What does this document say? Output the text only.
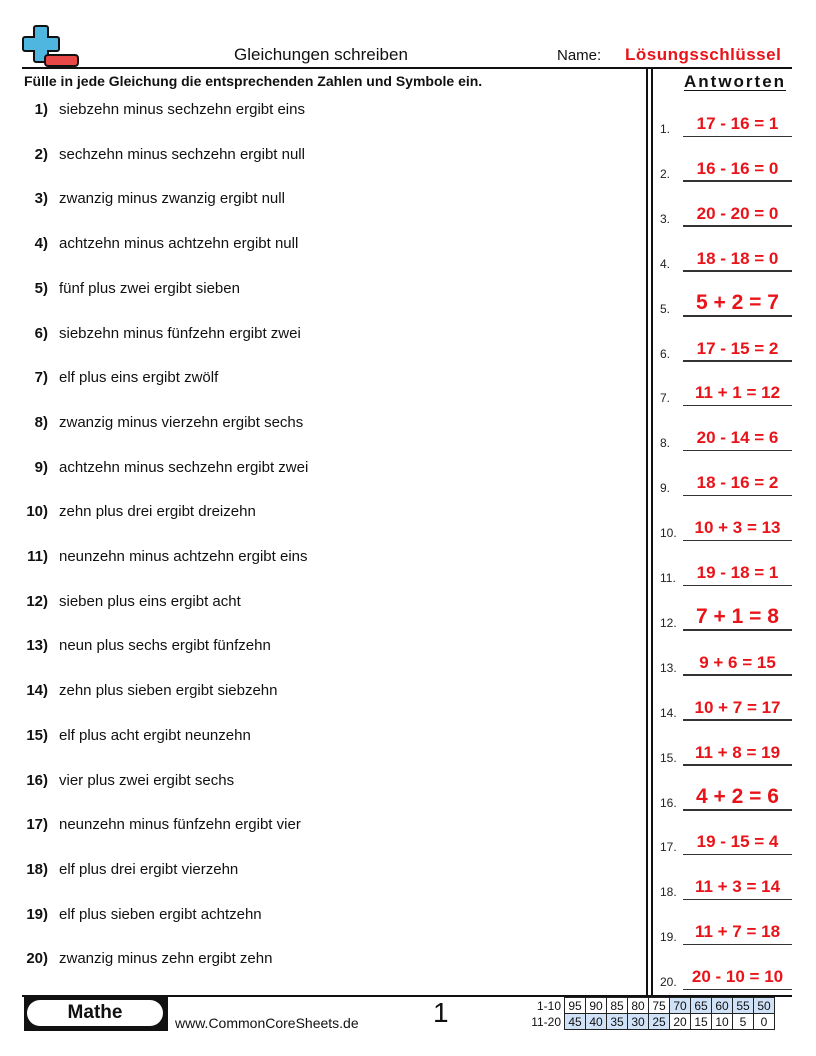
Gleichungen schreiben	Name: Lösungsschlüssel
Fülle in jede Gleichung die entsprechenden Zahlen und Symbole ein.	Antworten
1) siebzehn minus sechzehn ergibt eins
2) sechzehn minus sechzehn ergibt null
3) zwanzig minus zwanzig ergibt null
4) achtzehn minus achtzehn ergibt null
5) fünf plus zwei ergibt sieben
6) siebzehn minus fünfzehn ergibt zwei
7) elf plus eins ergibt zwölf
8) zwanzig minus vierzehn ergibt sechs
9) achtzehn minus sechzehn ergibt zwei
10) zehn plus drei ergibt dreizehn
11) neunzehn minus achtzehn ergibt eins
12) sieben plus eins ergibt acht
13) neun plus sechs ergibt fünfzehn
14) zehn plus sieben ergibt siebzehn
15) elf plus acht ergibt neunzehn
16) vier plus zwei ergibt sechs
17) neunzehn minus fünfzehn ergibt vier
18) elf plus drei ergibt vierzehn
19) elf plus sieben ergibt achtzehn
20) zwanzig minus zehn ergibt zehn
1.	17 - 16 = 1
2.	16 - 16 = 0
3.	20 - 20 = 0
4.	18 - 18 = 0
5.	5 + 2 = 7
6.	17 - 15 = 2
7.	11 + 1 = 12
8.	20 - 14 = 6
9.	18 - 16 = 2
10.	10 + 3 = 13
11.	19 - 18 = 1
12. 7 + 1 = 8
13.	9 + 6 = 15
14.	10 + 7 = 17
15.	11 + 8 = 19
16. 4 + 2 = 6
17.	19 - 15 = 4
18.	11 + 3 = 14
19.	11 + 7 = 18
20. 20 - 10 = 10
Mathe	www.CommonCoreSheets.de	1	1-10	95	90	85	80	75	70	65	60	55	50
11-20	45	40	35	30	25	20	15	10	5	0
